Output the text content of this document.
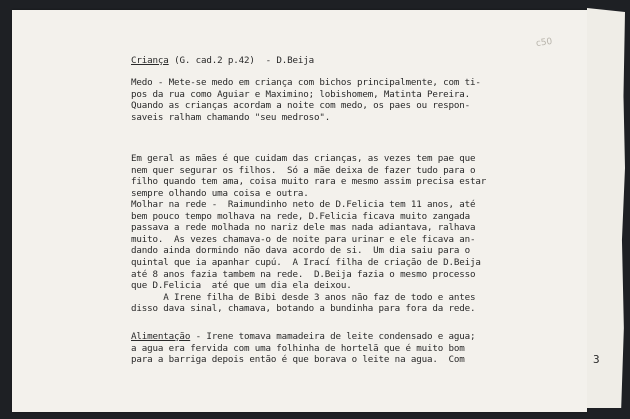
c50
Criança (G. cad.2 p.42) - D.Beija
Medo - Mete-se medo em criança com bichos principalmente, com ti-
pos da rua como Aguiar e Maximino; lobishomem, Matinta Pereira.
Quando as crianças acordam a noite com medo, os paes ou respon-
saveis ralham chamando "seu medroso".
Em geral as mães é que cuidam das crianças, as vezes tem pae que
nem quer segurar os filhos.  Só a mãe deixa de fazer tudo para o
filho quando tem ama, coisa muito rara e mesmo assim precisa estar
sempre olhando uma coisa e outra.
Molhar na rede -  Raimundinho neto de D.Felicia tem 11 anos, até
bem pouco tempo molhava na rede, D.Felicia ficava muito zangada
passava a rede molhada no nariz dele mas nada adiantava, ralhava
muito.  As vezes chamava-o de noite para urinar e ele ficava an-
dando ainda dormindo não dava acordo de si.  Um dia saiu para o
quintal que ia apanhar cupú.  A Irací filha de criação de D.Beija
até 8 anos fazia tambem na rede.  D.Beija fazia o mesmo processo
que D.Felicia  até que um dia ela deixou.
A Irene filha de Bibi desde 3 anos não faz de todo e antes
disso dava sinal, chamava, botando a bundinha para fora da rede.
Alimentação - Irene tomava mamadeira de leite condensado e agua;
a agua era fervida com uma folhinha de hortelã que é muito bom
para a barriga depois então é que borava o leite na agua.  Com	3
